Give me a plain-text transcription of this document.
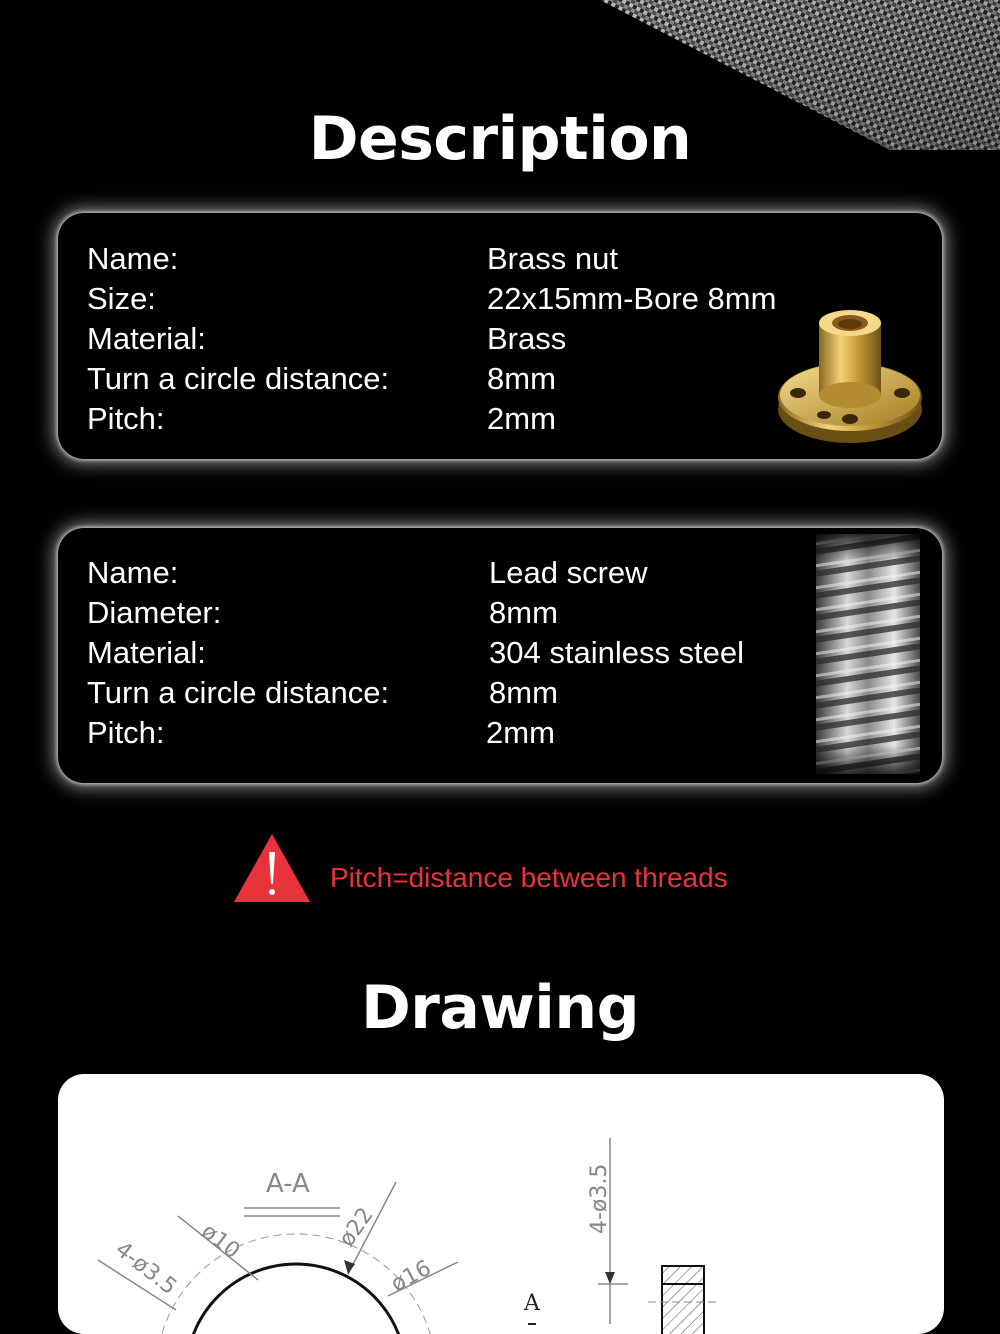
Description
Name:	Brass nut
Size:	22x15mm-Bore 8mm
Material:	Brass
Turn a circle distance:	8mm
Pitch:	2mm
Name:	Lead screw
Diameter:	8mm
Material:	304 stainless steel
Turn a circle distance:	8mm
Pitch:	2mm
Pitch=distance between threads
Drawing
A-A
ø10	ø22
ø16
4-ø3.5
4-ø3.5
A
